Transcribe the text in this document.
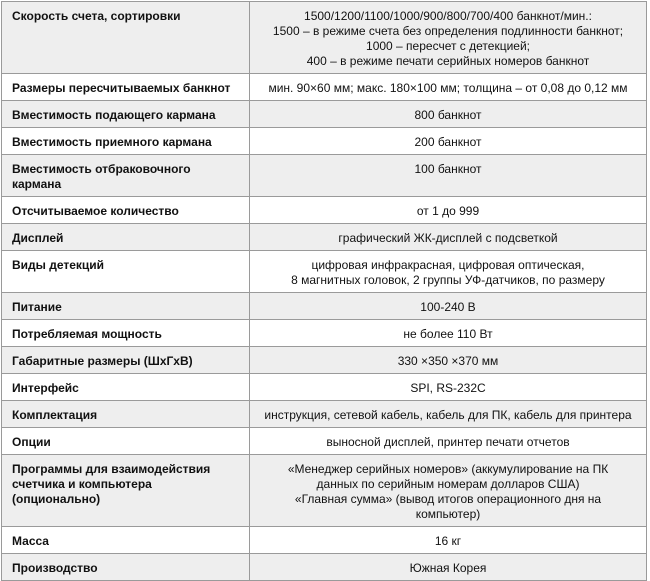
Скорость счета, сортировки	1500/1200/1100/1000/900/800/700/400 банкнот/мин.:
1500 – в режиме счета без определения подлинности банкнот;
1000 – пересчет с детекцией;
400 – в режиме печати серийных номеров банкнот
Размеры пересчитываемых банкнот	мин. 90×60 мм; макс. 180×100 мм; толщина – от 0,08 до 0,12 мм
Вместимость подающего кармана	800 банкнот
Вместимость приемного кармана	200 банкнот
Вместимость отбраковочного кармана	100 банкнот
Отсчитываемое количество	от 1 до 999
Дисплей	графический ЖК-дисплей с подсветкой
Виды детекций	цифровая инфракрасная, цифровая оптическая,
8 магнитных головок, 2 группы УФ-датчиков, по размеру
Питание	100-240 В
Потребляемая мощность	не более 110 Вт
Габаритные размеры (ШхГхВ)	330 ×350 ×370 мм
Интерфейс	SPI, RS-232C
Комплектация	инструкция, сетевой кабель, кабель для ПК, кабель для принтера
Опции	выносной дисплей, принтер печати отчетов
Программы для взаимодействия
счетчика и компьютера (опционально)	«Менеджер серийных номеров» (аккумулирование на ПК
данных по серийным номерам долларов США)
«Главная сумма» (вывод итогов операционного дня на
компьютер)
Масса	16 кг
Производство	Южная Корея
